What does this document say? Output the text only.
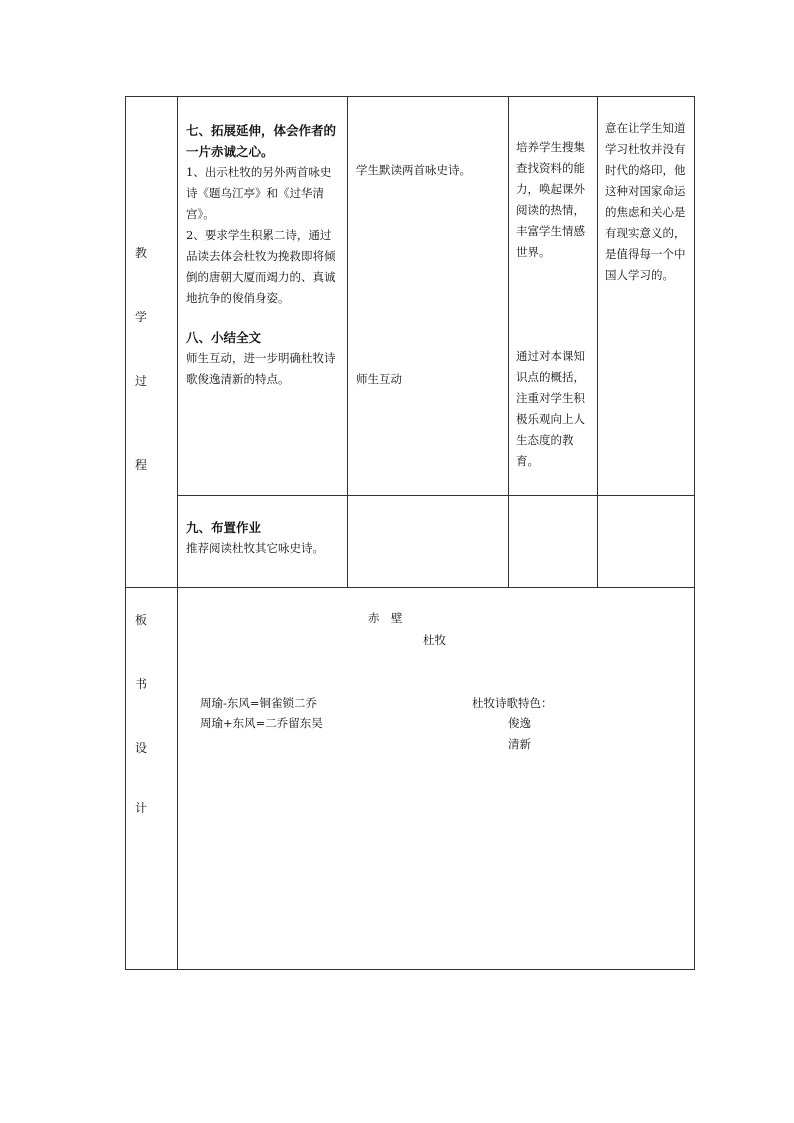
教
学
过
程

七、拓展延伸，体会作者的一片赤诚之心。

1、出示杜牧的另外两首咏史诗《题乌江亭》和《过华清宫》。

2、要求学生积累二诗，通过品读去体会杜牧为挽救即将倾倒的唐朝大厦而竭力的、真诚地抗争的俊俏身姿。

八、小结全文

师生互动，进一步明确杜牧诗歌俊逸清新的特点。

学生默读两首咏史诗。
师生互动
培养学生搜集查找资料的能力，唤起课外阅读的热情，丰富学生情感世界。
通过对本课知识点的概括，注重对学生积极乐观向上人生态度的教育。
意在让学生知道学习杜牧并没有时代的烙印，他这种对国家命运的焦虑和关心是有现实意义的，是值得每一个中国人学习的。

九、布置作业

推荐阅读杜牧其它咏史诗。

板
书
设
计
赤　壁
杜牧
周瑜-东风=铜雀锁二乔
周瑜+东风=二乔留东吴
杜牧诗歌特色：
俊逸
清新
